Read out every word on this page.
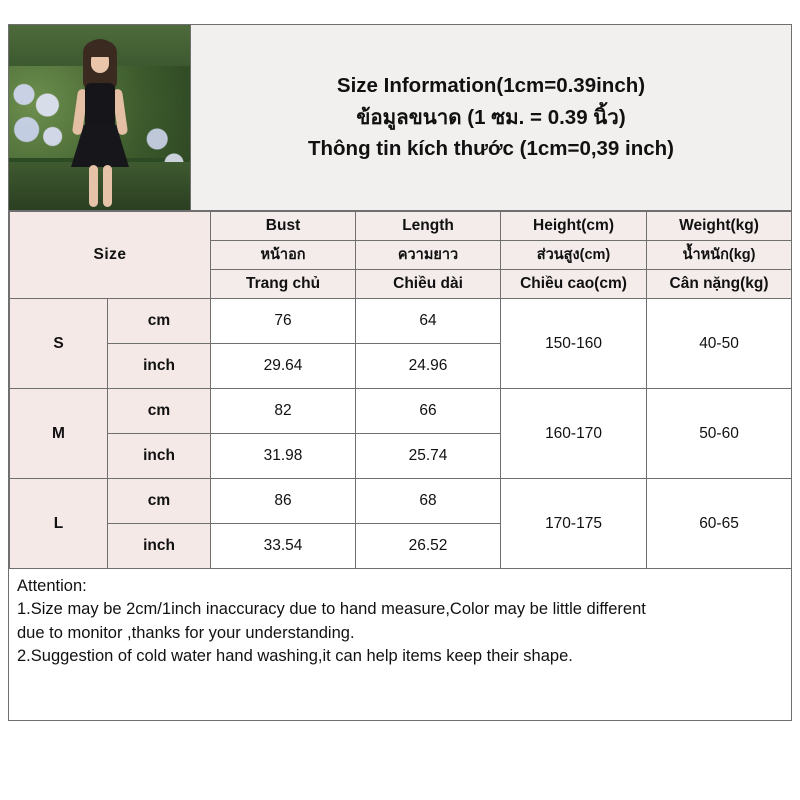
Size Information(1cm=0.39inch)
ข้อมูลขนาด (1 ซม. = 0.39 นิ้ว)
Thông tin kích thước (1cm=0,39 inch)
Size		Bust	Length	Height(cm)	Weight(kg)
		หน้าอก	ความยาว	ส่วนสูง(cm)	น้ำหนัก(kg)
		Trang chủ	Chiều dài	Chiều cao(cm)	Cân nặng(kg)
S	cm	76	64	150-160	40-50
	inch	29.64	24.96		
M	cm	82	66	160-170	50-60
	inch	31.98	25.74		
L	cm	86	68	170-175	60-65
	inch	33.54	26.52		
Attention:
1.Size may be 2cm/1inch inaccuracy due to hand measure,Color may be little different
due to monitor ,thanks for your understanding.
2.Suggestion of cold water hand washing,it can help items keep their shape.
